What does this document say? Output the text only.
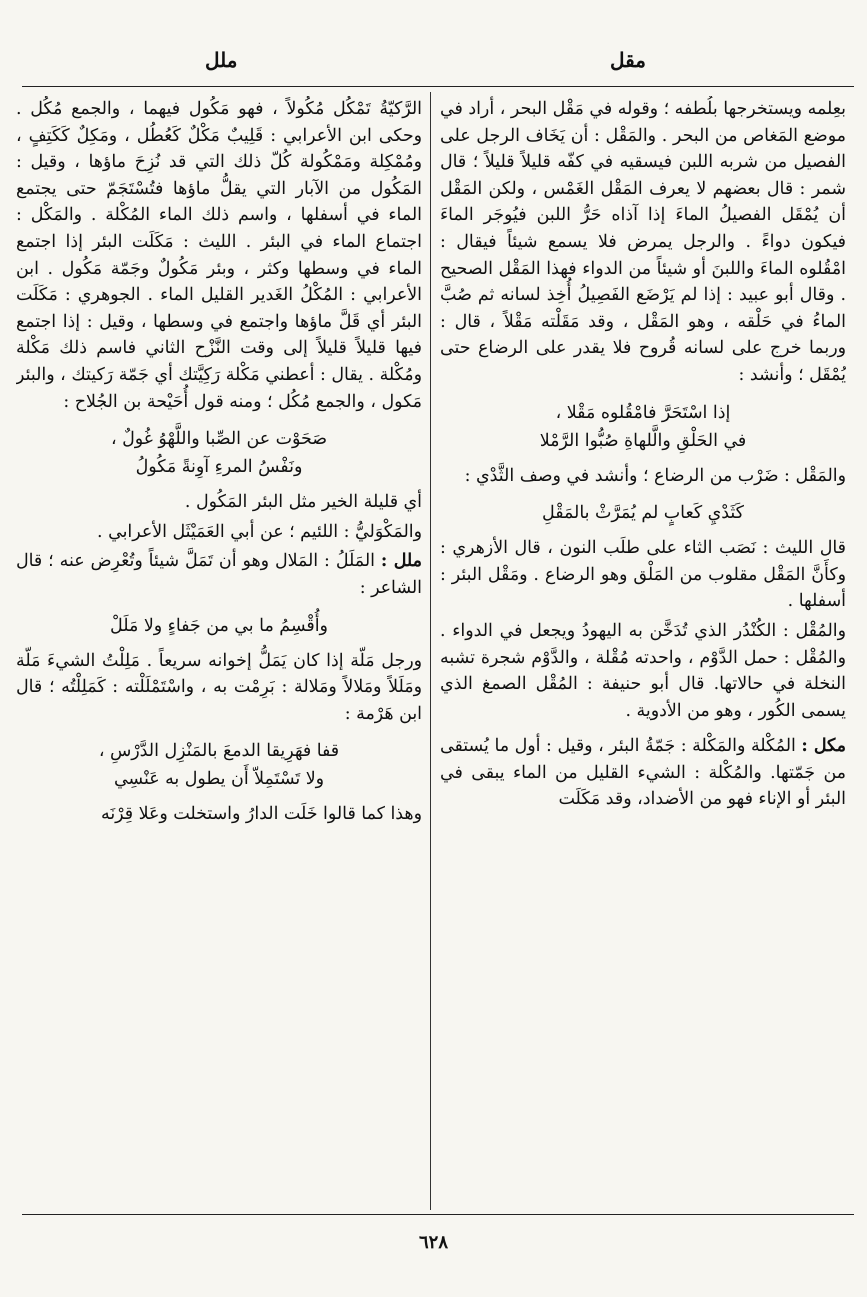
مقل
ملل

بعِلمه ويستخرجها بلُطفه ؛ وقوله في مَقْل البحر ، أراد في موضع المَغاص من البحر . والمَقْل : أن يَخَاف الرجل على الفصيل من شربه اللبن فيسقيه في كفّه قليلاً قليلاً ؛ قال شمر : قال بعضهم لا يعرف المَقْل الغَمْس ، ولكن المَقْل أن يُمْقَل الفصيلُ الماءَ إذا آذاه حَرُّ اللبن فيُوجَر الماءَ فيكون دواءً . والرجل يمرض فلا يسمع شيئاً فيقال : امْقُلوه الماءَ واللبنَ أو شيئاً من الدواء فهذا المَقْل الصحيح . وقال أبو عبيد : إذا لم يَرْضَع الفَصِيلُ أُخِذ لسانه ثم صُبَّ الماءُ في حَلْقه ، وهو المَقْل ، وقد مَقَلْته مَقْلاً ، قال : وربما خرج على لسانه قُروح فلا يقدر على الرضاع حتى يُمْقَل ؛ وأنشد :

إذا اسْتَحَرَّ فامْقُلوه مَقْلا ،
في الحَلْقِ والَّلهاةِ صُبُّوا الرَّمْلا

والمَقْل : ضَرْب من الرضاع ؛ وأنشد في وصف الثَّدْي :

كَثَدْيِ كَعابٍ لم يُمَرَّثْ بالمَقْلِ

قال الليث : نَصَب الثاء على طلَب النون ، قال الأزهري : وكأَنَّ المَقْل مقلوب من المَلْق وهو الرضاع . ومَقْل البئر : أسفلها .

والمُقْل : الكُنْدُر الذي تُدَخَّن به اليهودُ ويجعل في الدواء . والمُقْل : حمل الدَّوْم ، واحدته مُقْلة ، والدَّوْم شجرة تشبه النخلة في حالاتها. قال أبو حنيفة : المُقْل الصمغ الذي يسمى الكُور ، وهو من الأدوية .

مكل : المُكْلة والمَكْلة : جَمّةُ البئر ، وقيل : أول ما يُستقى من جَمّتها. والمُكْلة : الشيء القليل من الماء يبقى في البئر أو الإناء فهو من الأضداد، وقد مَكَلَت

الرَّكيّةُ تَمْكُل مُكُولاً ، فهو مَكُول فيهما ، والجمع مُكُل . وحكى ابن الأعرابي : قَلِيبٌ مَكْلٌ كَعُطُل ، ومَكِلٌ كَكَتِفٍ ، ومُمْكِلة ومَمْكُولة كُلّ ذلك التي قد نُزِحَ ماؤها ، وقيل : المَكُول من الآبار التي يقلُّ ماؤها فتُسْتَجَمّ حتى يجتمع الماء في أسفلها ، واسم ذلك الماء المُكْلة . والمَكْل : اجتماع الماء في البئر . الليث : مَكَلَت البئر إذا اجتمع الماء في وسطها وكثر ، وبئر مَكُولٌ وجَمّة مَكُول . ابن الأعرابي : المُكْلُ الغَدير القليل الماء . الجوهري : مَكَلَت البئر أي قَلَّ ماؤها واجتمع في وسطها ، وقيل : إذا اجتمع فيها قليلاً قليلاً إلى وقت النَّزْح الثاني فاسم ذلك مَكْلة ومُكْلة . يقال : أعطني مَكْلة رَكِيَّتك أي جَمّة رَكيتك ، والبئر مَكول ، والجمع مُكُل ؛ ومنه قول أُحَيْحة بن الجُلاح :

صَحَوْت عن الصِّبا واللَّهْوُ غُولٌ ،
ونَفْسُ المرءِ آوِنةً مَكُولُ

أي قليلة الخير مثل البئر المَكُول .

والمَكْوَليُّ : اللئيم ؛ عن أبي العَمَيْثَل الأعرابي .

ملل : المَلَلُ : المَلال وهو أن تَمَلَّ شيئاً وتُعْرِض عنه ؛ قال الشاعر :

وأُقْسِمُ ما بي من جَفاءٍ ولا مَلَلْ

ورجل مَلّة إذا كان يَمَلُّ إخوانه سريعاً . مَلِلْتُ الشيءَ مَلّة ومَلَلاً ومَلالاً ومَلالة : بَرِمْت به ، واسْتَمْلَلْته : كَمَلِلْتُه ؛ قال ابن هَرْمة :

قفا فهَرِيقا الدمعَ بالمَنْزِل الدَّرْسِ ،
ولا تَسْتَمِلاّ أَن يطول به عَنْسِي

وهذا كما قالوا خَلَت الدارُ واستخلت وعَلا قِرْنَه

٦٢٨
